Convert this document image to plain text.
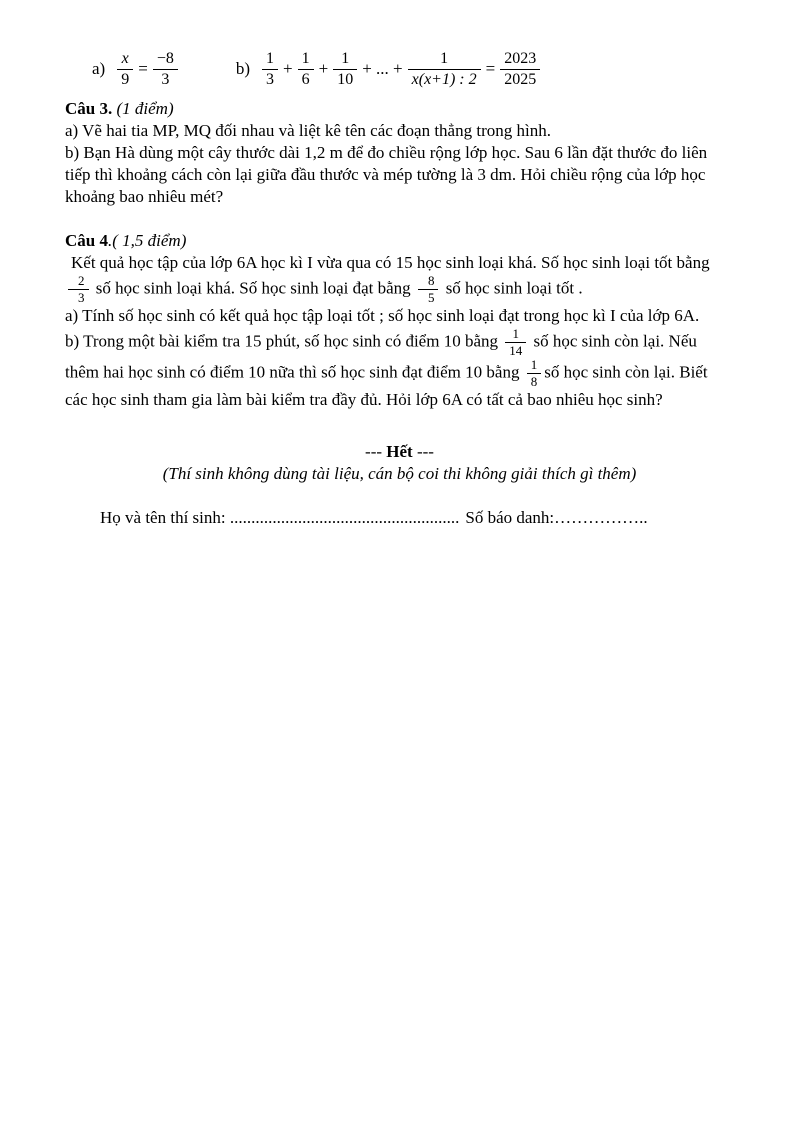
$a) \frac{x}{9} = \frac{-8}{3}$	$b) \frac{1}{3} + \frac{1}{6} + \frac{1}{10}$ + ... + $\frac{1}{x(x+1) : 2} = \frac{2023}{2025}$

Câu 3. (1 điểm)

a) Vẽ hai tia MP, MQ đối nhau và liệt kê tên các đoạn thẳng trong hình.

b) Bạn Hà dùng một cây thước dài 1,2 m để đo chiều rộng lớp học. Sau 6 lần đặt thước đo liên tiếp thì khoảng cách còn lại giữa đầu thước và mép tường là 3 dm. Hỏi chiều rộng của lớp học khoảng bao nhiêu mét?

Câu 4.( 1,5 điểm)

Kết quả học tập của lớp 6A học kì I vừa qua có 15 học sinh loại khá. Số học sinh loại tốt bằng
$\frac{2}{3}$ số học sinh loại khá. Số học sinh loại đạt bằng $\frac{8}{5}$ số học sinh loại tốt .

a) Tính số học sinh có kết quả học tập loại tốt ; số học sinh loại đạt trong học kì I của lớp 6A.

b) Trong một bài kiểm tra 15 phút, số học sinh có điểm 10 bằng $\frac{1}{14}$ số học sinh còn lại. Nếu thêm hai học sinh có điểm 10 nữa thì số học sinh đạt điểm 10 bằng $\frac{1}{8}$ số học sinh còn lại. Biết các học sinh tham gia làm bài kiểm tra đầy đủ. Hỏi lớp 6A có tất cả bao nhiêu học sinh?

--- Hết ---

(Thí sinh không dùng tài liệu, cán bộ coi thi không giải thích gì thêm)

Họ và tên thí sinh: ...................................................... Số báo danh:……………..
